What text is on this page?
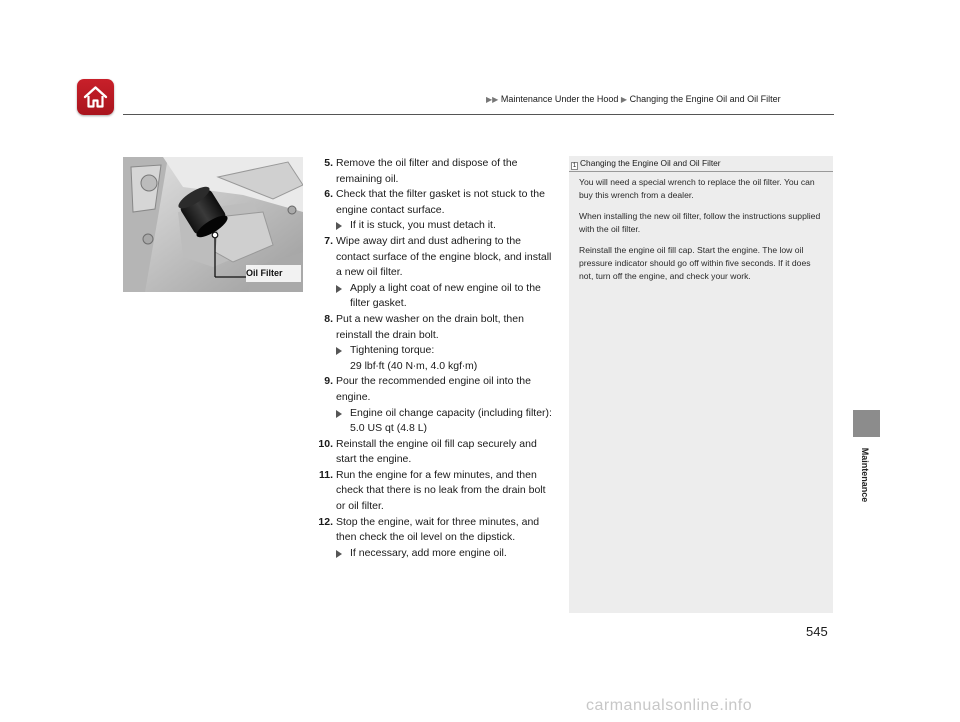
▶▶ Maintenance Under the Hood ▶ Changing the Engine Oil and Oil Filter
Oil Filter
5. Remove the oil filter and dispose of the remaining oil.
6. Check that the filter gasket is not stuck to the engine contact surface.
If it is stuck, you must detach it.
7. Wipe away dirt and dust adhering to the contact surface of the engine block, and install a new oil filter.
Apply a light coat of new engine oil to the filter gasket.
8. Put a new washer on the drain bolt, then reinstall the drain bolt.
Tightening torque:
29 lbf∙ft (40 N∙m, 4.0 kgf∙m)
9. Pour the recommended engine oil into the engine.
Engine oil change capacity (including filter):
5.0 US qt (4.8 L)
10. Reinstall the engine oil fill cap securely and start the engine.
11. Run the engine for a few minutes, and then check that there is no leak from the drain bolt or oil filter.
12. Stop the engine, wait for three minutes, and then check the oil level on the dipstick.
If necessary, add more engine oil.
1 Changing the Engine Oil and Oil Filter

You will need a special wrench to replace the oil filter. You can buy this wrench from a dealer.

When installing the new oil filter, follow the instructions supplied with the oil filter.

Reinstall the engine oil fill cap. Start the engine. The low oil pressure indicator should go off within five seconds. If it does not, turn off the engine, and check your work.

Maintenance
545
carmanualsonline.info
